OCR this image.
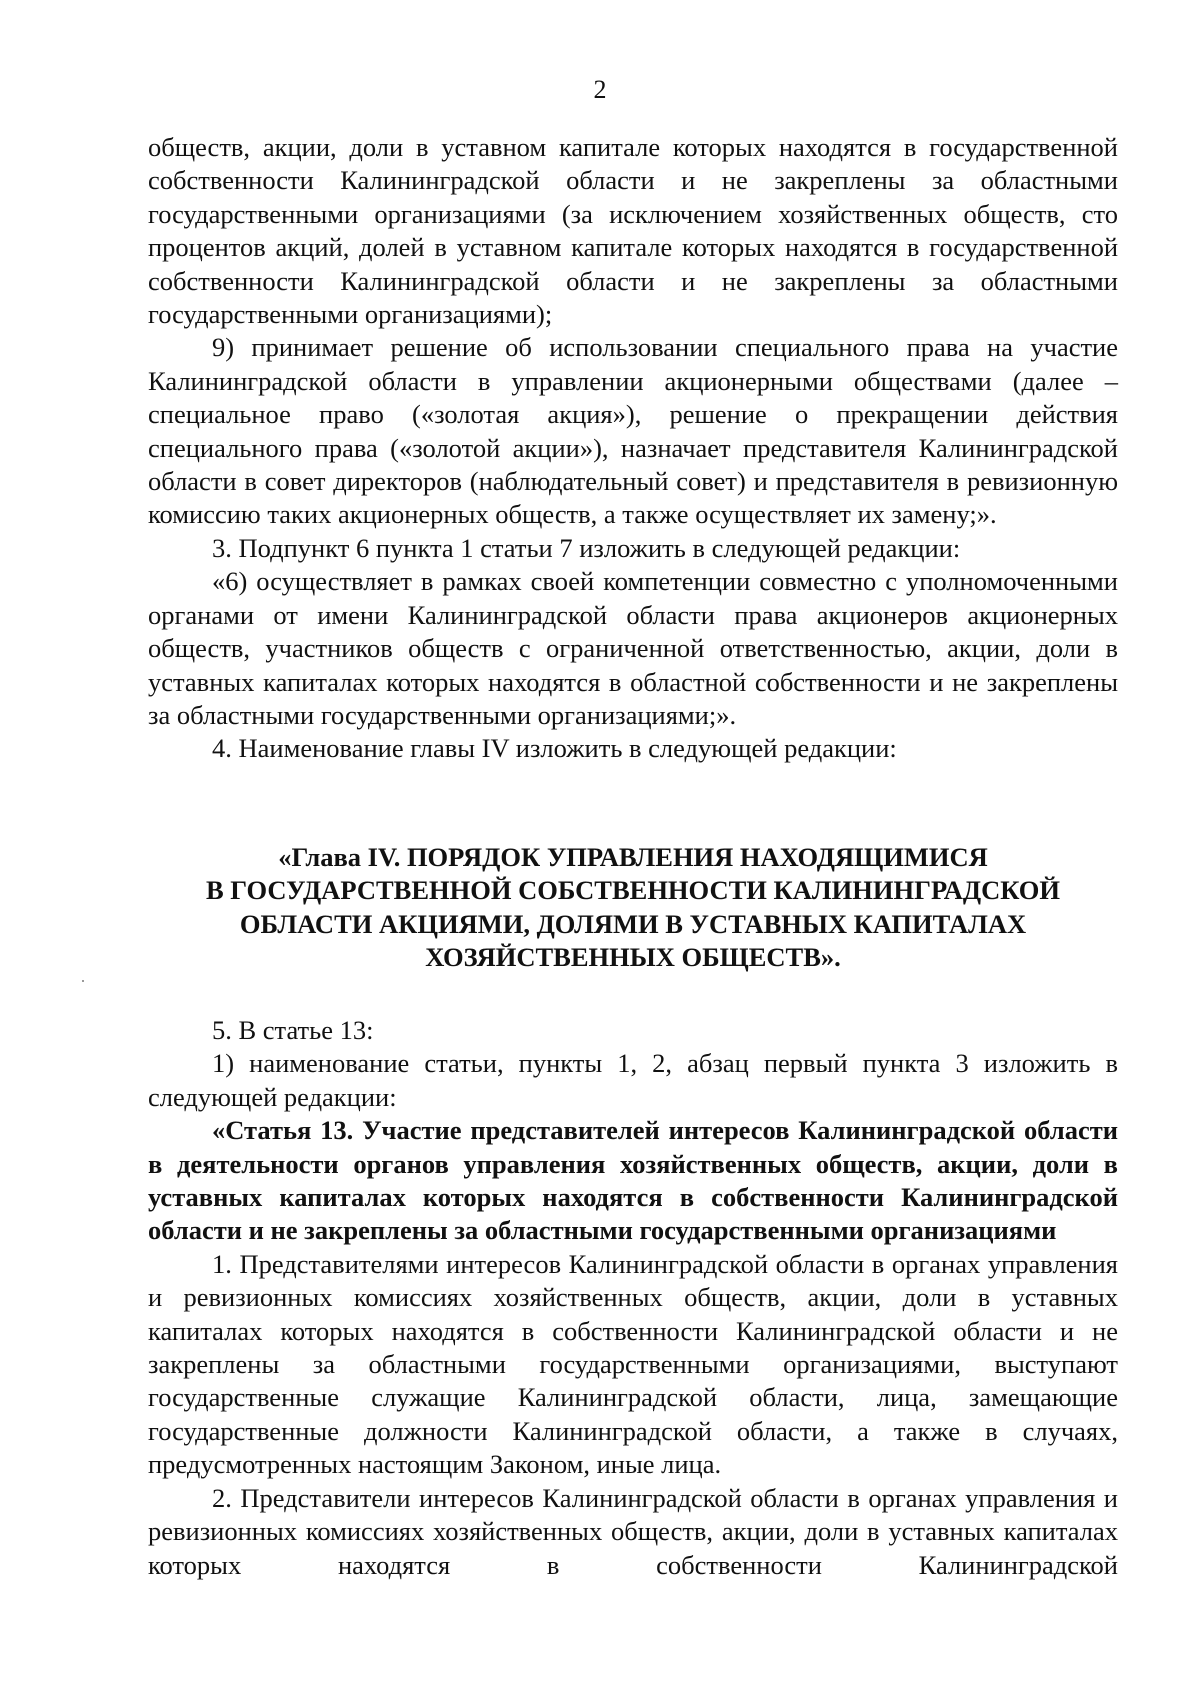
2

обществ, акции, доли в уставном капитале которых находятся в государственной собственности Калининградской области и не закреплены за областными государственными организациями (за исключением хозяйственных обществ, сто процентов акций, долей в уставном капитале которых находятся в государственной собственности Калининградской области и не закреплены за областными государственными организациями);

9) принимает решение об использовании специального права на участие Калининградской области в управлении акционерными обществами (далее – специальное право («золотая акция»), решение о прекращении действия специального права («золотой акции»), назначает представителя Калининградской области в совет директоров (наблюдательный совет) и представителя в ревизионную комиссию таких акционерных обществ, а также осуществляет их замену;».

3. Подпункт 6 пункта 1 статьи 7 изложить в следующей редакции:

«6) осуществляет в рамках своей компетенции совместно с уполномоченными органами от имени Калининградской области права акционеров акционерных обществ, участников обществ с ограниченной ответственностью, акции, доли в уставных капиталах которых находятся в областной собственности и не закреплены за областными государственными организациями;».

4. Наименование главы IV изложить в следующей редакции:

«Глава IV. ПОРЯДОК УПРАВЛЕНИЯ НАХОДЯЩИМИСЯ

В ГОСУДАРСТВЕННОЙ СОБСТВЕННОСТИ КАЛИНИНГРАДСКОЙ

ОБЛАСТИ АКЦИЯМИ, ДОЛЯМИ В УСТАВНЫХ КАПИТАЛАХ

ХОЗЯЙСТВЕННЫХ ОБЩЕСТВ».

5. В статье 13:

1) наименование статьи, пункты 1, 2, абзац первый пункта 3 изложить в следующей редакции:

«Статья 13. Участие представителей интересов Калининградской области в деятельности органов управления хозяйственных обществ, акции, доли в уставных капиталах которых находятся в собственности Калининградской области и не закреплены за областными государственными организациями

1. Представителями интересов Калининградской области в органах управления и ревизионных комиссиях хозяйственных обществ, акции, доли в уставных капиталах которых находятся в собственности Калининградской области и не закреплены за областными государственными организациями, выступают государственные служащие Калининградской области, лица, замещающие государственные должности Калининградской области, а также в случаях, предусмотренных настоящим Законом, иные лица.

2. Представители интересов Калининградской области в органах управления и ревизионных комиссиях хозяйственных обществ, акции, доли в уставных капиталах которых находятся в собственности Калининградской
